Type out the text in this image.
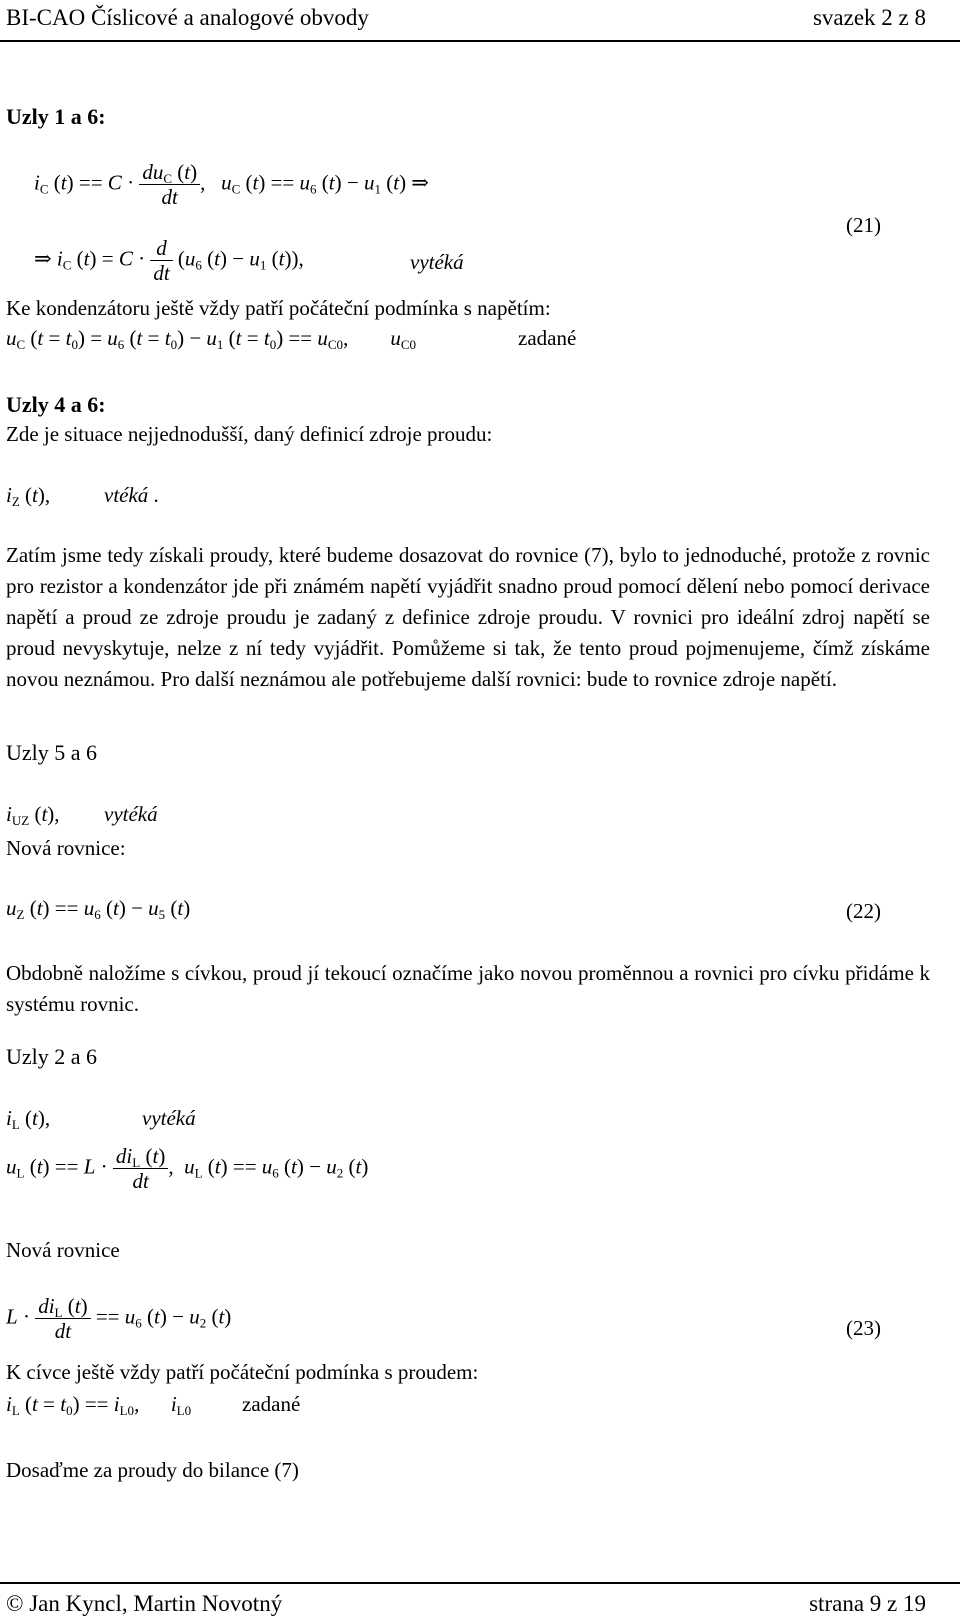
BI-CAO Číslicové a analogové obvody	svazek 2 z 8
Uzly 1 a 6:
$i_C$ $(t) == C \cdot \frac{du_C (t)}{dt}$ ,   $u_C$ $(t) == u_6$ $(t) - u_1$ (t) ⇒
⇒ $i_C$ $(t) = C \cdot \frac{d}{dt} (u_6$ $(t) - u_1$ (t)),	vytéká
(21)
Ke kondenzátoru ještě vždy patří počáteční podmínka s napětím:
$u_C$ $(t = t_0) = u_6$ $(t = t_0) - u_1$ $(t = t_0) == u_{C0}$,        $u_{C0}$	zadané
Uzly 4 a 6:
Zde je situace nejjednodušší, daný definicí zdroje proudu:
$i_Z$ (t),	vtéká .
Zatím jsme tedy získali proudy, které budeme dosazovat do rovnice (7), bylo to jednoduché, protože z rovnic pro rezistor a kondenzátor jde při známém napětí vyjádřit snadno proud pomocí dělení nebo pomocí derivace napětí a proud ze zdroje proudu je zadaný z definice zdroje proudu. V rovnici pro ideální zdroj napětí se proud nevyskytuje, nelze z ní tedy vyjádřit. Pomůžeme si tak, že tento proud pojmenujeme, čímž získáme novou neznámou. Pro další neznámou ale potřebujeme další rovnici: bude to rovnice zdroje napětí.
Uzly 5 a 6
$i_{UZ}$ (t), vytéká
Nová rovnice:
$u_Z$ $(t) == u_6$ $(t) - u_5$ (t)	(22)
Obdobně naložíme s cívkou, proud jí tekoucí označíme jako novou proměnnou a rovnici pro cívku přidáme k systému rovnic.
Uzly 2 a 6
$i_L$ (t),	vytéká
$u_L$ $(t) == L \cdot \frac{di_L (t)}{dt}$ ,  $u_L$ $(t) == u_6$ $(t) - u_2$ (t)
Nová rovnice
$L \cdot \frac{di_L (t)}{dt} == u_6$ $(t) - u_2$ (t)	(23)
K cívce ještě vždy patří počáteční podmínka s proudem:
$i_L$ $(t = t_0) == i_{L0}$,      $i_{L0}$ zadané
Dosaďme za proudy do bilance (7)
© Jan Kyncl, Martin Novotný	strana 9 z 19
